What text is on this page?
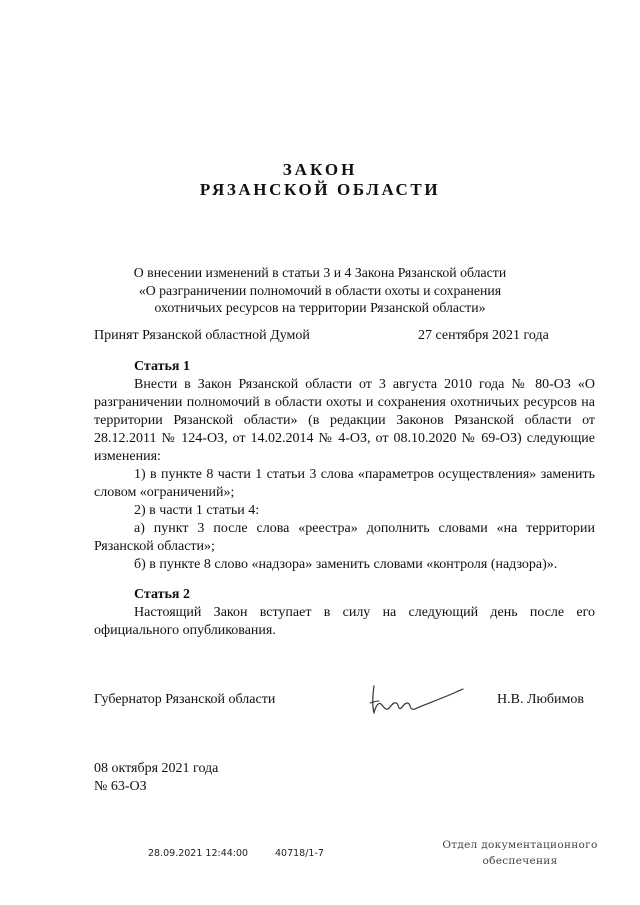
ЗАКОН
РЯЗАНСКОЙ ОБЛАСТИ
О внесении изменений в статьи 3 и 4 Закона Рязанской области
«О разграничении полномочий в области охоты и сохранения
охотничьих ресурсов на территории Рязанской области»
Принят Рязанской областной Думой	27 сентября 2021 года
Статья 1
Внести в Закон Рязанской области от 3 августа 2010 года № 80-ОЗ «О разграничении полномочий в области охоты и сохранения охотничьих ресурсов на территории Рязанской области» (в редакции Законов Рязанской области от 28.12.2011 № 124-ОЗ, от 14.02.2014 № 4-ОЗ, от 08.10.2020 № 69-ОЗ) следующие изменения:
1) в пункте 8 части 1 статьи 3 слова «параметров осуществления» заменить словом «ограничений»;
2) в части 1 статьи 4:
а) пункт 3 после слова «реестра» дополнить словами «на территории Рязанской области»;
б) в пункте 8 слово «надзора» заменить словами «контроля (надзора)».
Статья 2
Настоящий Закон вступает в силу на следующий день после его официального опубликования.
Губернатор Рязанской области	Н.В. Любимов
08 октября 2021 года
№ 63-ОЗ
28.09.2021 12:44:00	40718/1-7
Отдел документационного
обеспечения
